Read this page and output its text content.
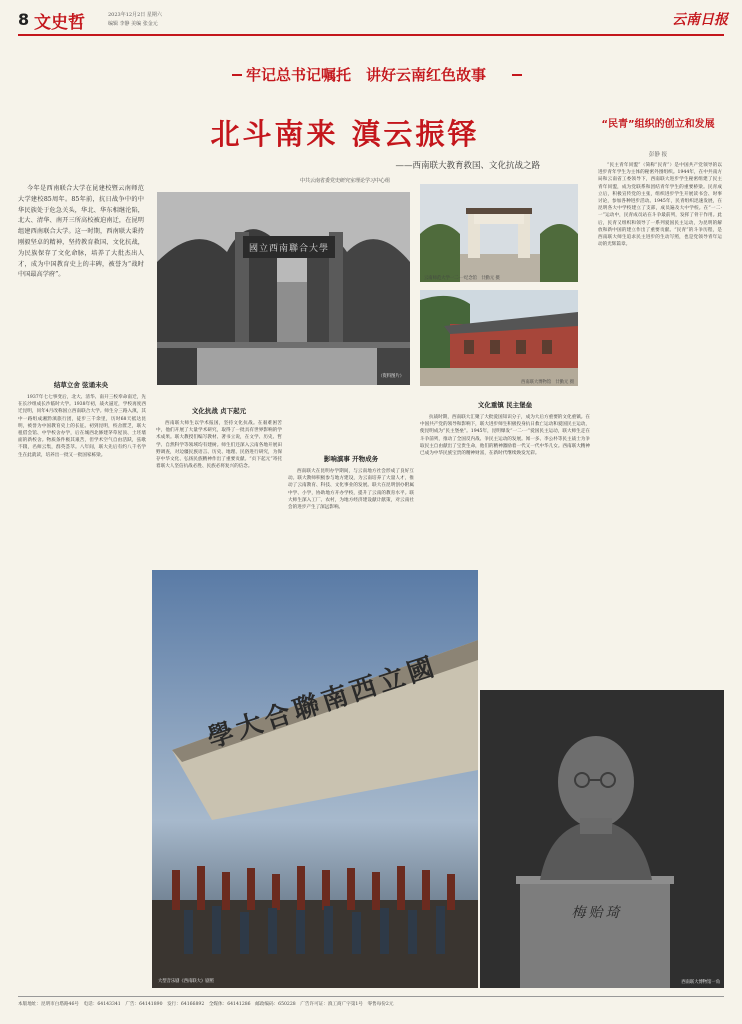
8 文史哲	2023年12月2日 星期六
编辑 李静 美编 张金元	云南日报
牢记总书记嘱托　讲好云南红色故事
北斗南来 滇云振铎
——西南联大教育救国、文化抗战之路
中共云南省委党史研究室理论学习中心组

今年是西南联合大学在昆建校暨云南师范大学建校85周年。85年前，抗日战争中的中华民族处于危急关头，华北、华东相继沦陷，北大、清华、南开三所高校被迫南迁，在昆明组建西南联合大学。这一时期，西南联大秉持刚毅坚卓的精神，坚持教育救国、文化抗战，为民族保存了文化命脉，培养了大批杰出人才，成为中国教育史上的丰碑，被誉为“战时中国最高学府”。

國立西南聯合大學
（资料图片）
云南师范大学一二·一纪念馆　廿勤元 摄
西南联大博物馆　廿勤元 摄
“民青”组织的创立和发展
彭静 报

“民主青年同盟”（简称“民青”）是中国共产党领导的以进步青年学生为主体的秘密外围组织。1944年，在中共南方局和云南省工委领导下，西南联大进步学生秘密组建了民主青年同盟，成为党联系和团结青年学生的重要桥梁。民青成立后，积极宣传党的主张，组织进步学生开展读书会、时事讨论，参加各种进步活动。1945年，民青组织迅速发展，在昆明各大中学校建立了支部，成员遍及大中学校。在“一二·一”运动中，民青成员站在斗争最前列，发挥了骨干作用。此后，民青又组织和领导了一系列爱国民主运动，为昆明的解放和新中国的建立作出了重要贡献。“民青”的斗争历程，是西南联大师生追求民主进步的生动写照，也是党领导青年运动的光辉篇章。

结草立舍 弦诵未央

1937年七七事变后，北大、清华、南开三校奉命南迁，先在长沙组成长沙临时大学。1938年初，战火逼近，学校再度西迁昆明，同年4月改称国立西南联合大学。师生分三路入滇，其中一路组成湘黔滇旅行团，徒步三千余里，历时68天抵达昆明，被誉为中国教育史上的长征。初到昆明，校舍匮乏，联大租借会馆、中学校舍办学，后在城西北修建茅草屋顶、土坯墙面的新校舍。物质条件极其艰苦，但学术空气自由活跃，弦歌不辍，名师云集，群英荟萃。八年间，联大先后有约八千名学生在此就读，培养出一批又一批国家栋梁。

文化抗战 贞下起元

西南联大师生以学术报国，坚持文化抗战。在艰难困苦中，他们开展了大量学术研究，取得了一批具有世界影响的学术成果。联大教授们编写教材、著书立说，在文学、历史、哲学、自然科学等领域均有建树。师生们还深入云南各地开展田野调查，对边疆民族语言、历史、地理、民俗进行研究，为保存中华文化、弘扬民族精神作出了重要贡献。“贞下起元”寄托着联大人坚信抗战必胜、民族必将复兴的信念。

影响滇事 开物成务

西南联大在昆明办学期间，与云南地方社会形成了良好互动。联大教师积极参与地方建设，为云南培养了大量人才，推动了云南教育、科技、文化事业的发展。联大在昆明创办附属中学、小学，协助地方开办学校，提升了云南的教育水平。联大师生深入工厂、农村，为地方经济建设献计献策，对云南社会的进步产生了深远影响。

文化重镇 民主堡垒

抗战时期，西南联大汇聚了大批爱国知识分子，成为大后方重要的文化重镇。在中国共产党的领导和影响下，联大进步师生积极投身抗日救亡运动和爱国民主运动，使昆明成为“民主堡垒”。1945年，昆明爆发“一二·一”爱国民主运动，联大师生走在斗争前列，推动了全国反内战、争民主运动的发展。闻一多、李公朴等民主战士为争取民主自由献出了宝贵生命，他们的精神激励着一代又一代中华儿女。西南联大精神已成为中华民族宝贵的精神财富，在新时代继续焕发光彩。

學大合聯南西立國
大型音乐剧《西南联大》剧照
梅贻琦
西南联大博物馆一角
本版地址：昆明市白塔路46号　电话：64143341　广告：64141890　发行：64166892　全媒体：64141286　邮政编码：650228　广告许可证：滇工商广字第1号　零售每份2元
